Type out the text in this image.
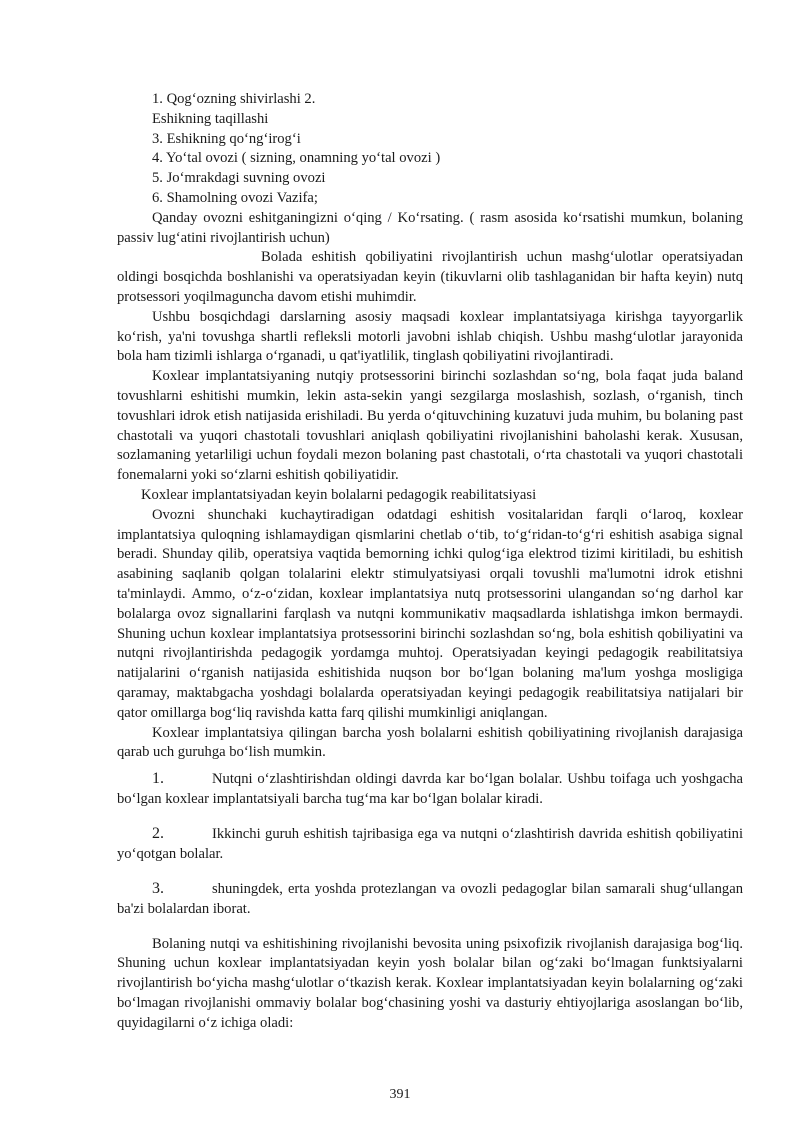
1. Qog‘ozning shivirlashi 2.

Eshikning taqillashi

3. Eshikning qo‘ng‘irog‘i

4. Yo‘tal ovozi ( sizning, onamning yo‘tal ovozi )

5. Jo‘mrakdagi suvning ovozi

6. Shamolning ovozi Vazifa;

Qanday ovozni eshitganingizni o‘qing / Ko‘rsating. ( rasm asosida ko‘rsatishi mumkun, bolaning passiv lug‘atini rivojlantirish uchun)

Bolada eshitish qobiliyatini rivojlantirish uchun mashg‘ulotlar operatsiyadan oldingi bosqichda boshlanishi va operatsiyadan keyin (tikuvlarni olib tashlaganidan bir hafta keyin) nutq protsessori yoqilmaguncha davom etishi muhimdir.

Ushbu bosqichdagi darslarning asosiy maqsadi koxlear implantatsiyaga kirishga tayyorgarlik ko‘rish, ya'ni tovushga shartli refleksli motorli javobni ishlab chiqish. Ushbu mashg‘ulotlar jarayonida bola ham tizimli ishlarga o‘rganadi, u qat'iyatlilik, tinglash qobiliyatini rivojlantiradi.

Koxlear implantatsiyaning nutqiy protsessorini birinchi sozlashdan so‘ng, bola faqat juda baland tovushlarni eshitishi mumkin, lekin asta-sekin yangi sezgilarga moslashish, sozlash, o‘rganish, tinch tovushlari idrok etish natijasida erishiladi. Bu yerda o‘qituvchining kuzatuvi juda muhim, bu bolaning past chastotali va yuqori chastotali tovushlari aniqlash qobiliyatini rivojlanishini baholashi kerak. Xususan, sozlamaning yetarliligi uchun foydali mezon bolaning past chastotali, o‘rta chastotali va yuqori chastotali fonemalarni yoki so‘zlarni eshitish qobiliyatidir.

Koxlear implantatsiyadan keyin bolalarni pedagogik reabilitatsiyasi

Ovozni shunchaki kuchaytiradigan odatdagi eshitish vositalaridan farqli o‘laroq, koxlear implantatsiya quloqning ishlamaydigan qismlarini chetlab o‘tib, to‘g‘ridan-to‘g‘ri eshitish asabiga signal beradi. Shunday qilib, operatsiya vaqtida bemorning ichki qulog‘iga elektrod tizimi kiritiladi, bu eshitish asabining saqlanib qolgan tolalarini elektr stimulyatsiyasi orqali tovushli ma'lumotni idrok etishni ta'minlaydi. Ammo, o‘z-o‘zidan, koxlear implantatsiya nutq protsessorini ulangandan so‘ng darhol kar bolalarga ovoz signallarini farqlash va nutqni kommunikativ maqsadlarda ishlatishga imkon bermaydi. Shuning uchun koxlear implantatsiya protsessorini birinchi sozlashdan so‘ng, bola eshitish qobiliyatini va nutqni rivojlantirishda pedagogik yordamga muhtoj. Operatsiyadan keyingi pedagogik reabilitatsiya natijalarini o‘rganish natijasida eshitishida nuqson bor bo‘lgan bolaning ma'lum yoshga mosligiga qaramay, maktabgacha yoshdagi bolalarda operatsiyadan keyingi pedagogik reabilitatsiya natijalari bir qator omillarga bog‘liq ravishda katta farq qilishi mumkinligi aniqlangan.

Koxlear implantatsiya qilingan barcha yosh bolalarni eshitish qobiliyatining rivojlanish darajasiga qarab uch guruhga bo‘lish mumkin.

1.	Nutqni o‘zlashtirishdan oldingi davrda kar bo‘lgan bolalar. Ushbu toifaga uch yoshgacha bo‘lgan koxlear implantatsiyali barcha tug‘ma kar bo‘lgan bolalar kiradi.

2.	Ikkinchi guruh eshitish tajribasiga ega va nutqni o‘zlashtirish davrida eshitish qobiliyatini yo‘qotgan bolalar.

3.	shuningdek, erta yoshda protezlangan va ovozli pedagoglar bilan samarali shug‘ullangan ba'zi bolalardan iborat.

Bolaning nutqi va eshitishining rivojlanishi bevosita uning psixofizik rivojlanish darajasiga bog‘liq. Shuning uchun koxlear implantatsiyadan keyin yosh bolalar bilan og‘zaki bo‘lmagan funktsiyalarni rivojlantirish bo‘yicha mashg‘ulotlar o‘tkazish kerak. Koxlear implantatsiyadan keyin bolalarning og‘zaki bo‘lmagan rivojlanishi ommaviy bolalar bog‘chasining yoshi va dasturiy ehtiyojlariga asoslangan bo‘lib, quyidagilarni o‘z ichiga oladi:

391
